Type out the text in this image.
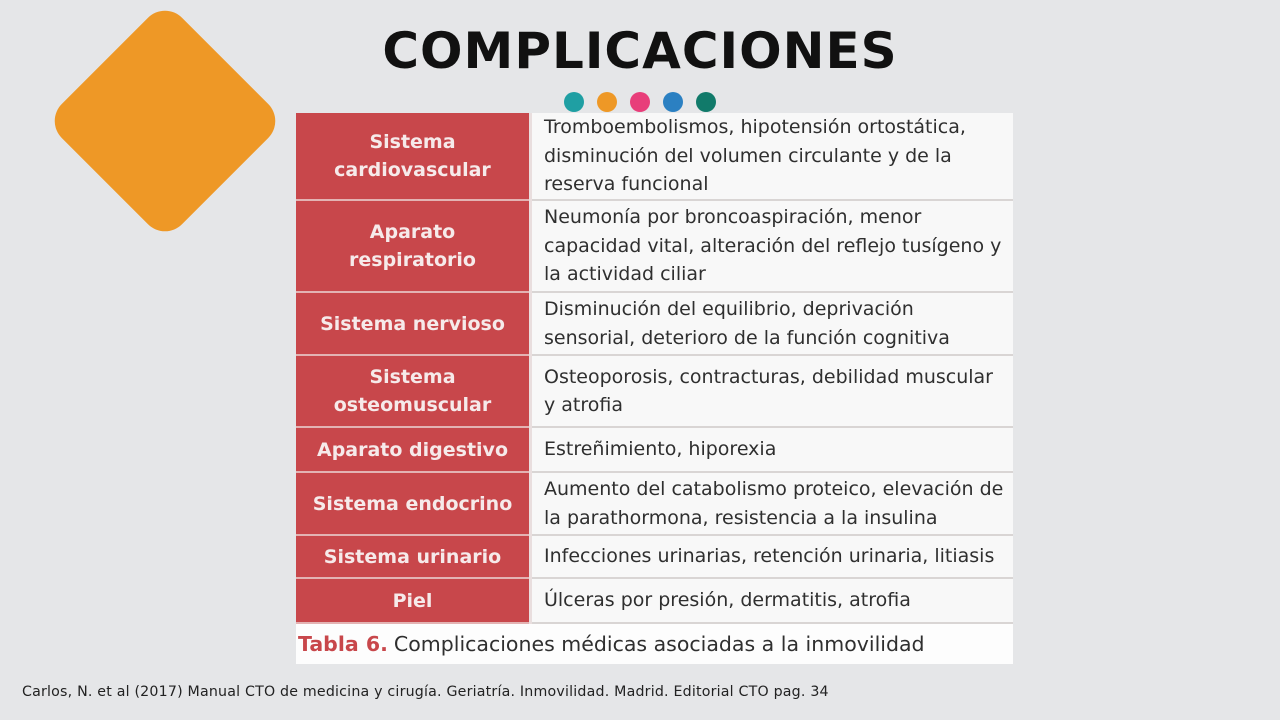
COMPLICACIONES
Sistema cardiovascular	Tromboembolismos, hipotensión ortostática, disminución del volumen circulante y de la reserva funcional
Aparato respiratorio	Neumonía por broncoaspiración, menor capacidad vital, alteración del reflejo tusígeno y la actividad ciliar
Sistema nervioso	Disminución del equilibrio, deprivación sensorial, deterioro de la función cognitiva
Sistema osteomuscular	Osteoporosis, contracturas, debilidad muscular y atrofia
Aparato digestivo	Estreñimiento, hiporexia
Sistema endocrino	Aumento del catabolismo proteico, elevación de la parathormona, resistencia a la insulina
Sistema urinario	Infecciones urinarias, retención urinaria, litiasis
Piel	Úlceras por presión, dermatitis, atrofia
Tabla 6. Complicaciones médicas asociadas a la inmovilidad
Carlos, N. et al (2017) Manual CTO de medicina y cirugía. Geriatría. Inmovilidad. Madrid. Editorial CTO pag. 34
